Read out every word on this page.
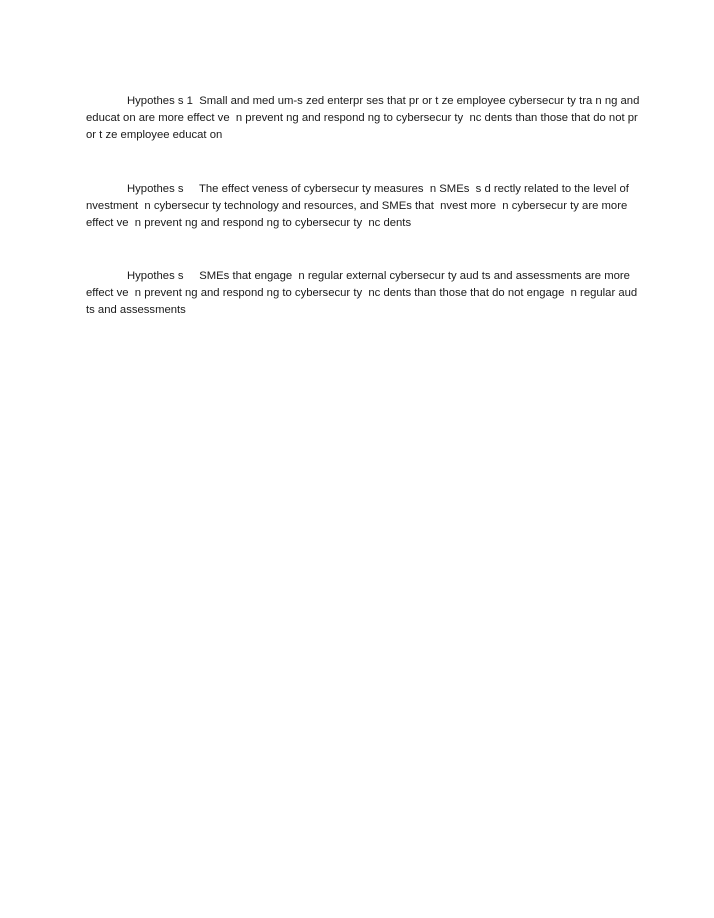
Hypothes s 1  Small and med um-s zed enterpr ses that pr or t ze employee cybersecur ty tra n ng and educat on are more effect ve  n prevent ng and respond ng to cybersecur ty  nc dents than those that do not pr or t ze employee educat on

Hypothes s     The effect veness of cybersecur ty measures  n SMEs  s d rectly related to the level of  nvestment  n cybersecur ty technology and resources, and SMEs that  nvest more  n cybersecur ty are more effect ve  n prevent ng and respond ng to cybersecur ty  nc dents

Hypothes s     SMEs that engage  n regular external cybersecur ty aud ts and assessments are more effect ve  n prevent ng and respond ng to cybersecur ty  nc dents than those that do not engage  n regular aud ts and assessments
